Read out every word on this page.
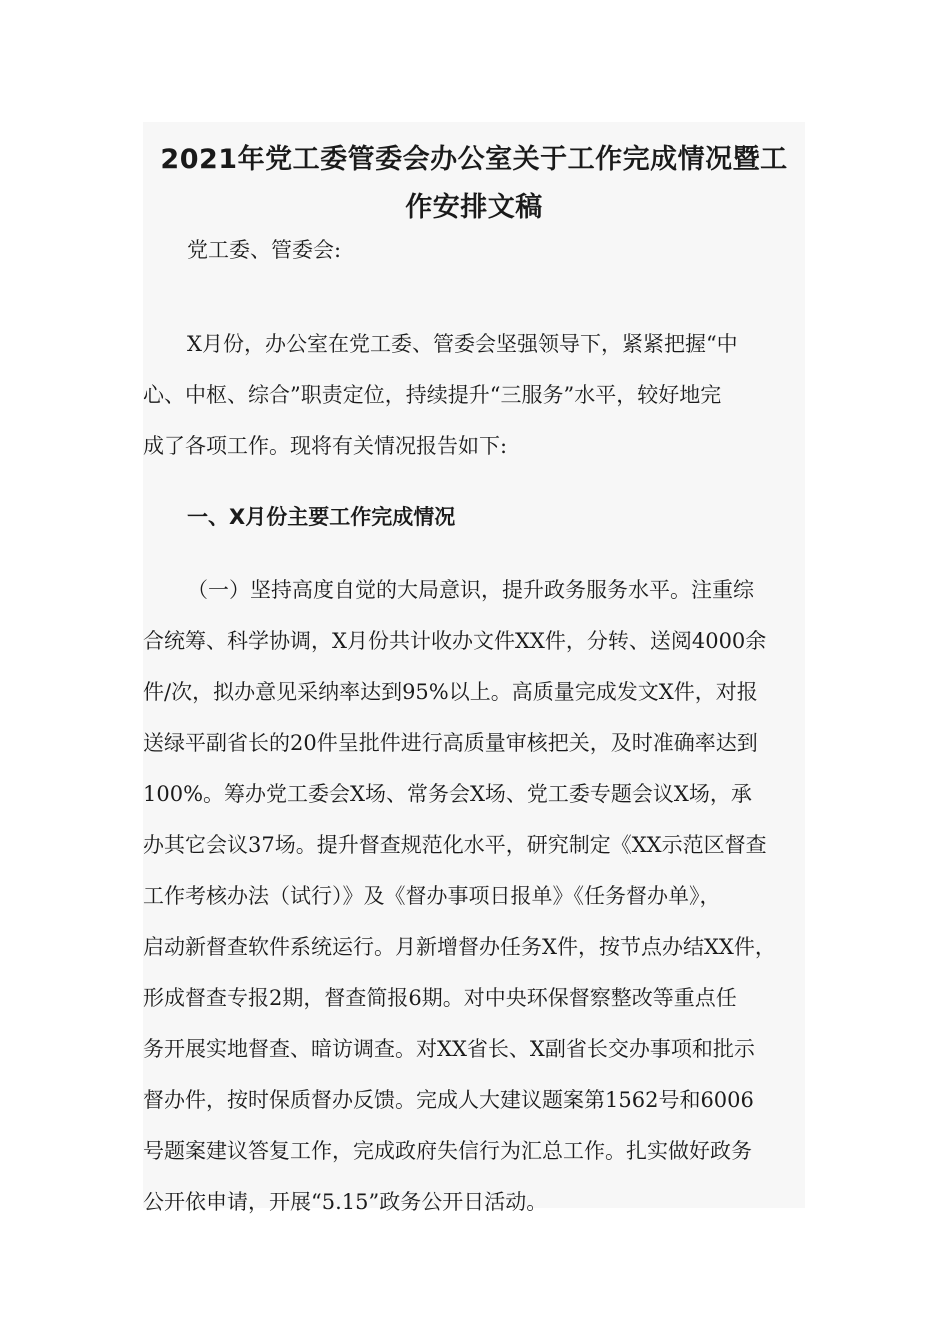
2021年党工委管委会办公室关于工作完成情况暨工
作安排文稿

党工委、管委会:

X月份，办公室在党工委、管委会坚强领导下，紧紧把握“中
心、中枢、综合”职责定位，持续提升“三服务”水平，较好地完
成了各项工作。现将有关情况报告如下:

一、X月份主要工作完成情况

（一）坚持高度自觉的大局意识，提升政务服务水平。注重综
合统筹、科学协调，X月份共计收办文件XX件，分转、送阅4000余
件/次，拟办意见采纳率达到95%以上。高质量完成发文X件，对报
送绿平副省长的20件呈批件进行高质量审核把关，及时准确率达到
100%。筹办党工委会X场、常务会X场、党工委专题会议X场，承
办其它会议37场。提升督查规范化水平，研究制定《XX示范区督查
工作考核办法（试行）》及《督办事项日报单》《任务督办单》，
启动新督查软件系统运行。月新增督办任务X件，按节点办结XX件，
形成督查专报2期，督查简报6期。对中央环保督察整改等重点任
务开展实地督查、暗访调查。对XX省长、X副省长交办事项和批示
督办件，按时保质督办反馈。完成人大建议题案第1562号和6006
号题案建议答复工作，完成政府失信行为汇总工作。扎实做好政务
公开依申请，开展“5.15”政务公开日活动。
